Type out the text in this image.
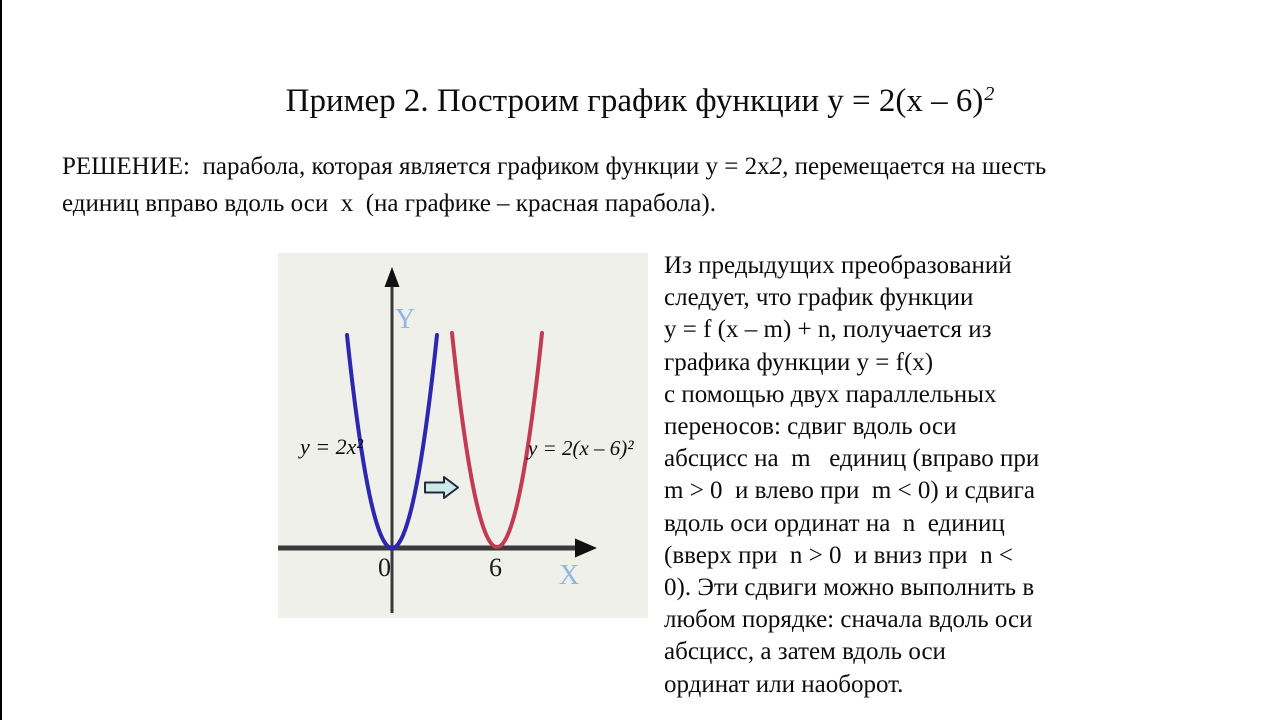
Пример 2. Построим график функции y = 2(x – 6)$^2$
РЕШЕНИЕ:  парабола, которая является графиком функции y = 2x2, перемещается на шесть
единиц вправо вдоль оси  x  (на графике – красная парабола).
Y
X
0	6
y = 2x²	y = 2(x – 6)²
Из предыдущих преобразований
следует, что график функции
y = f (x – m) + n, получается из
графика функции y = f(x)
с помощью двух параллельных
переносов: сдвиг вдоль оси
абсцисс на  m   единиц (вправо при
m > 0  и влево при  m < 0) и сдвига
вдоль оси ординат на  n  единиц
(вверх при  n > 0  и вниз при  n <
0). Эти сдвиги можно выполнить в
любом порядке: сначала вдоль оси
абсцисс, а затем вдоль оси
ординат или наоборот.
